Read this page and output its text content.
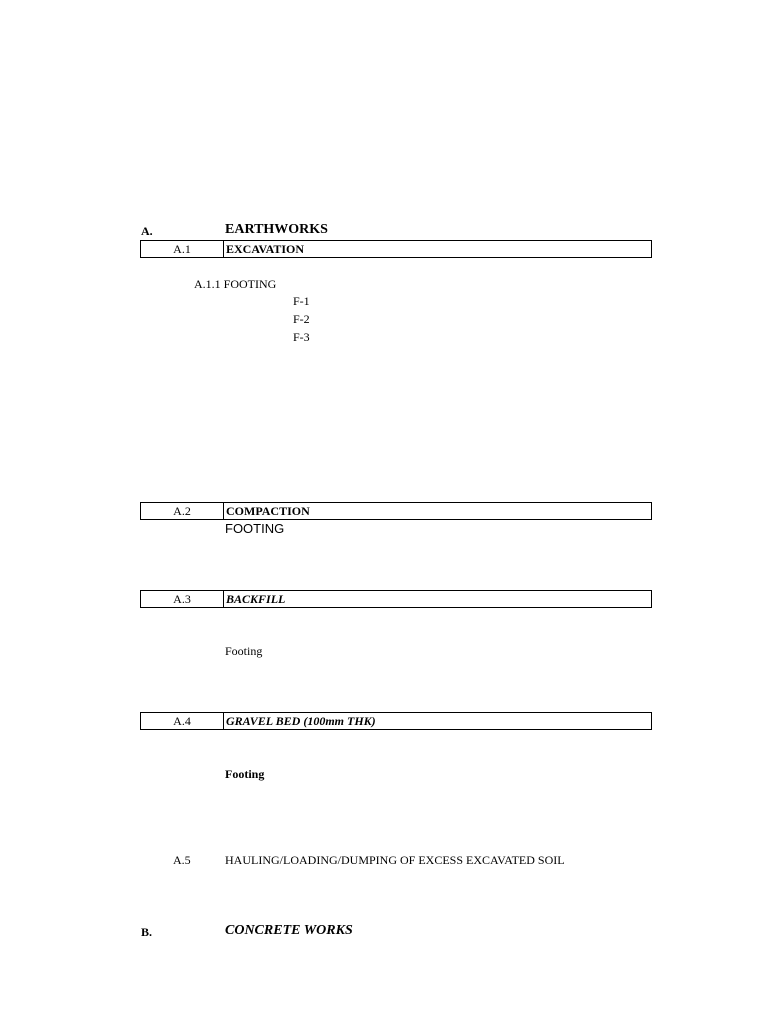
A.	EARTHWORKS
A.1	EXCAVATION
A.1.1 FOOTING
F-1
F-2
F-3
A.2	COMPACTION
FOOTING
A.3	BACKFILL
Footing
A.4	GRAVEL BED (100mm THK)
Footing
A.5	HAULING/LOADING/DUMPING OF EXCESS EXCAVATED SOIL
B.	CONCRETE WORKS
